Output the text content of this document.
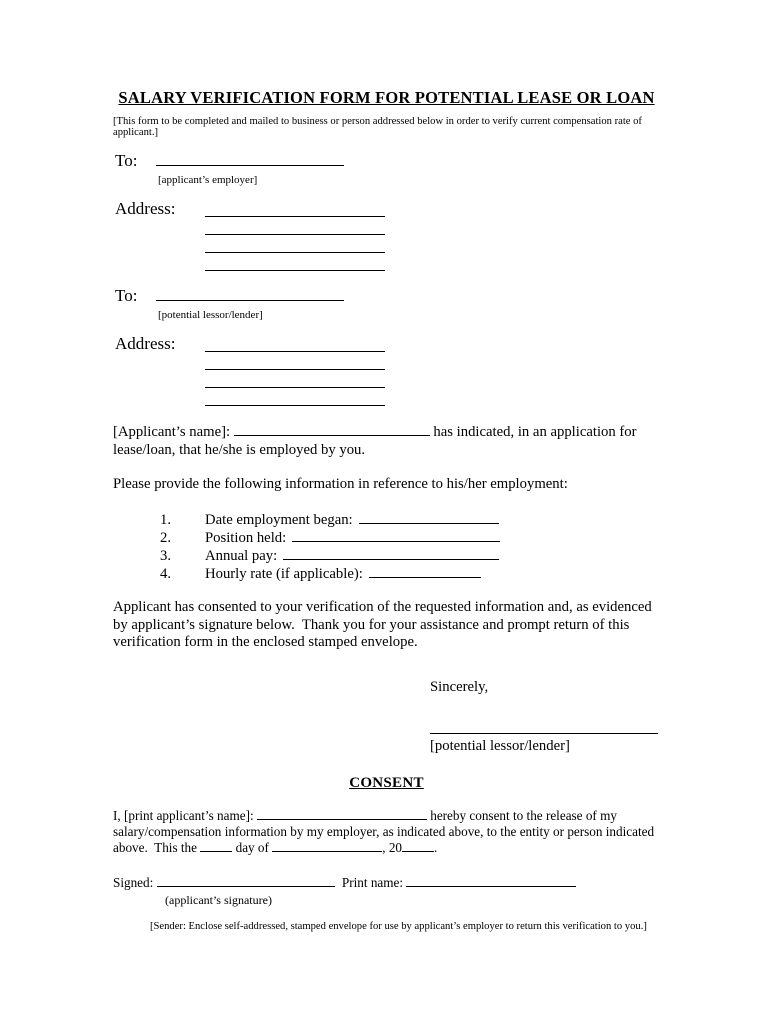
SALARY VERIFICATION FORM FOR POTENTIAL LEASE OR LOAN

[This form to be completed and mailed to business or person addressed below in order to verify current compensation rate of applicant.]

To:

[applicant’s employer]

Address:
To:

[potential lessor/lender]

Address:

[Applicant’s name]:	has indicated, in an application for lease/loan, that he/she is employed by you.

Please provide the following information in reference to his/her employment:

1.	Date employment began:
2.	Position held:
3.	Annual pay:
4.	Hourly rate (if applicable):

Applicant has consented to your verification of the requested information and, as evidenced by applicant’s signature below.  Thank you for your assistance and prompt return of this verification form in the enclosed stamped envelope.

Sincerely,

[potential lessor/lender]

CONSENT

I, [print applicant’s name]:	hereby consent to the release of my salary/compensation information by my employer, as indicated above, to the entity or person indicated above.  This the	day of	, 20 .

Signed:	Print name:

(applicant’s signature)

[Sender: Enclose self-addressed, stamped envelope for use by applicant’s employer to return this verification to you.]
